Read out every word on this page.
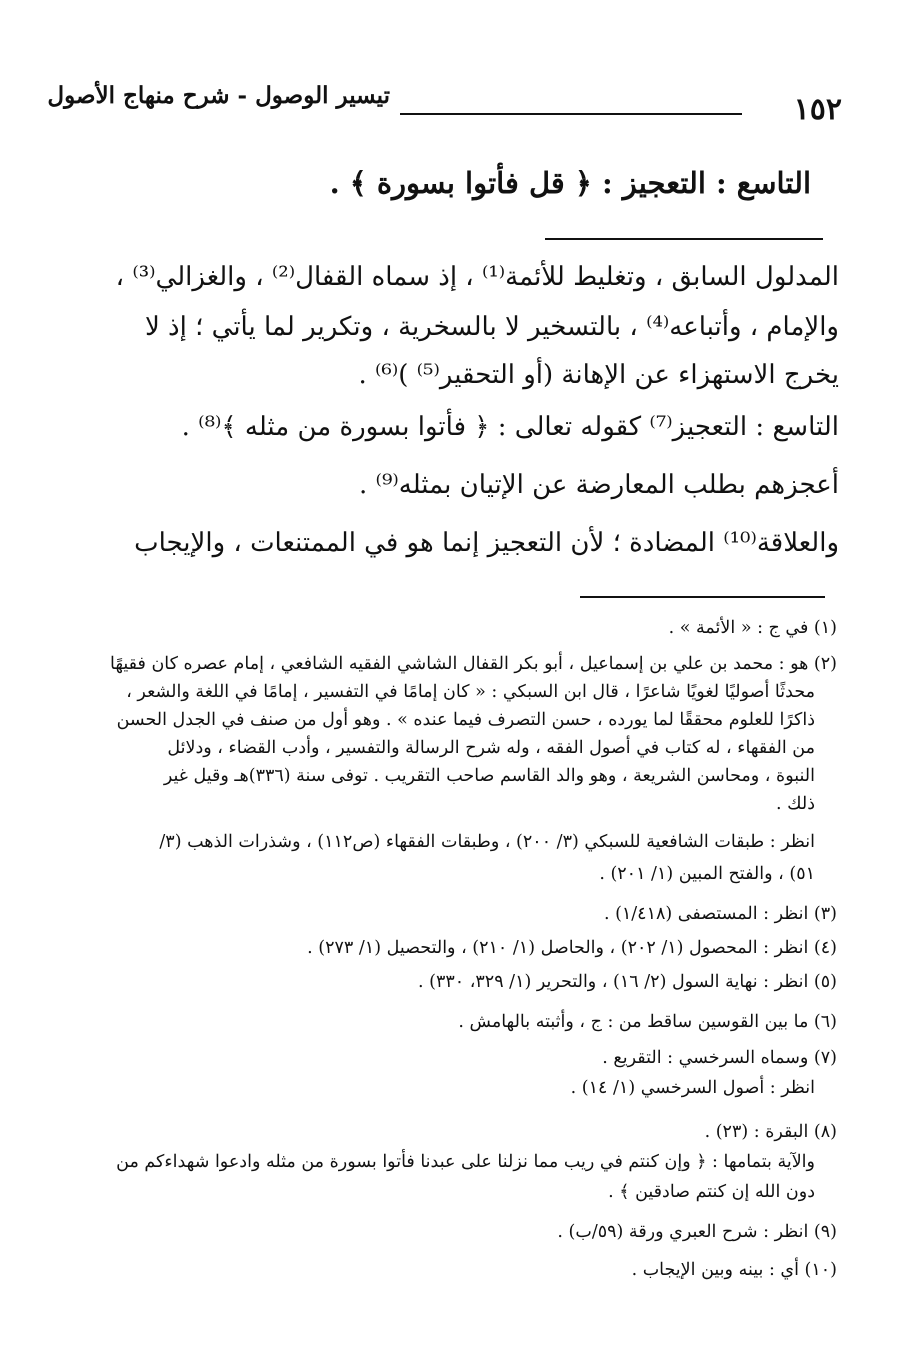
١٥٢
تيسير الوصول - شرح منهاج الأصول
التاسع : التعجيز : ﴿ قل فأتوا بسورة ﴾ .
المدلول السابق ، وتغليط للأئمة⁽¹⁾ ، إذ سماه القفال⁽²⁾ ، والغزالي⁽³⁾ ،
والإمام ، وأتباعه⁽⁴⁾ ، بالتسخير لا بالسخرية ، وتكرير لما يأتي ؛ إذ لا
يخرج الاستهزاء عن الإهانة (أو التحقير⁽⁵⁾ )⁽⁶⁾ .
التاسع : التعجيز⁽⁷⁾ كقوله تعالى : ﴿ فأتوا بسورة من مثله ﴾⁽⁸⁾ .
أعجزهم بطلب المعارضة عن الإتيان بمثله⁽⁹⁾ .
والعلاقة⁽¹⁰⁾ المضادة ؛ لأن التعجيز إنما هو في الممتنعات ، والإيجاب
(١) في ج : « الأئمة » .
(٢) هو : محمد بن علي بن إسماعيل ، أبو بكر القفال الشاشي الفقيه الشافعي ، إمام عصره كان فقيهًا
محدثًا أصوليًا لغويًا شاعرًا ، قال ابن السبكي : « كان إمامًا في التفسير ، إمامًا في اللغة والشعر ،
ذاكرًا للعلوم محققًا لما يورده ، حسن التصرف فيما عنده » . وهو أول من صنف في الجدل الحسن
من الفقهاء ، له كتاب في أصول الفقه ، وله شرح الرسالة والتفسير ، وأدب القضاء ، ودلائل
النبوة ، ومحاسن الشريعة ، وهو والد القاسم صاحب التقريب . توفى سنة (٣٣٦)هـ وقيل غير
ذلك .
انظر : طبقات الشافعية للسبكي (٣/ ٢٠٠) ، وطبقات الفقهاء (ص١١٢) ، وشذرات الذهب (٣/
٥١) ، والفتح المبين (١/ ٢٠١) .
(٣) انظر : المستصفى (١/٤١٨) .
(٤) انظر : المحصول (١/ ٢٠٢) ، والحاصل (١/ ٢١٠) ، والتحصيل (١/ ٢٧٣) .
(٥) انظر : نهاية السول (٢/ ١٦) ، والتحرير (١/ ٣٢٩، ٣٣٠) .
(٦) ما بين القوسين ساقط من : ج ، وأثبته بالهامش .
(٧) وسماه السرخسي : التقريع .
انظر : أصول السرخسي (١/ ١٤) .
(٨) البقرة : (٢٣) .
والآية بتمامها : ﴿ وإن كنتم في ريب مما نزلنا على عبدنا فأتوا بسورة من مثله وادعوا شهداءكم من
دون الله إن كنتم صادقين ﴾ .
(٩) انظر : شرح العبري ورقة (٥٩/ب) .
(١٠) أي : بينه وبين الإيجاب .
